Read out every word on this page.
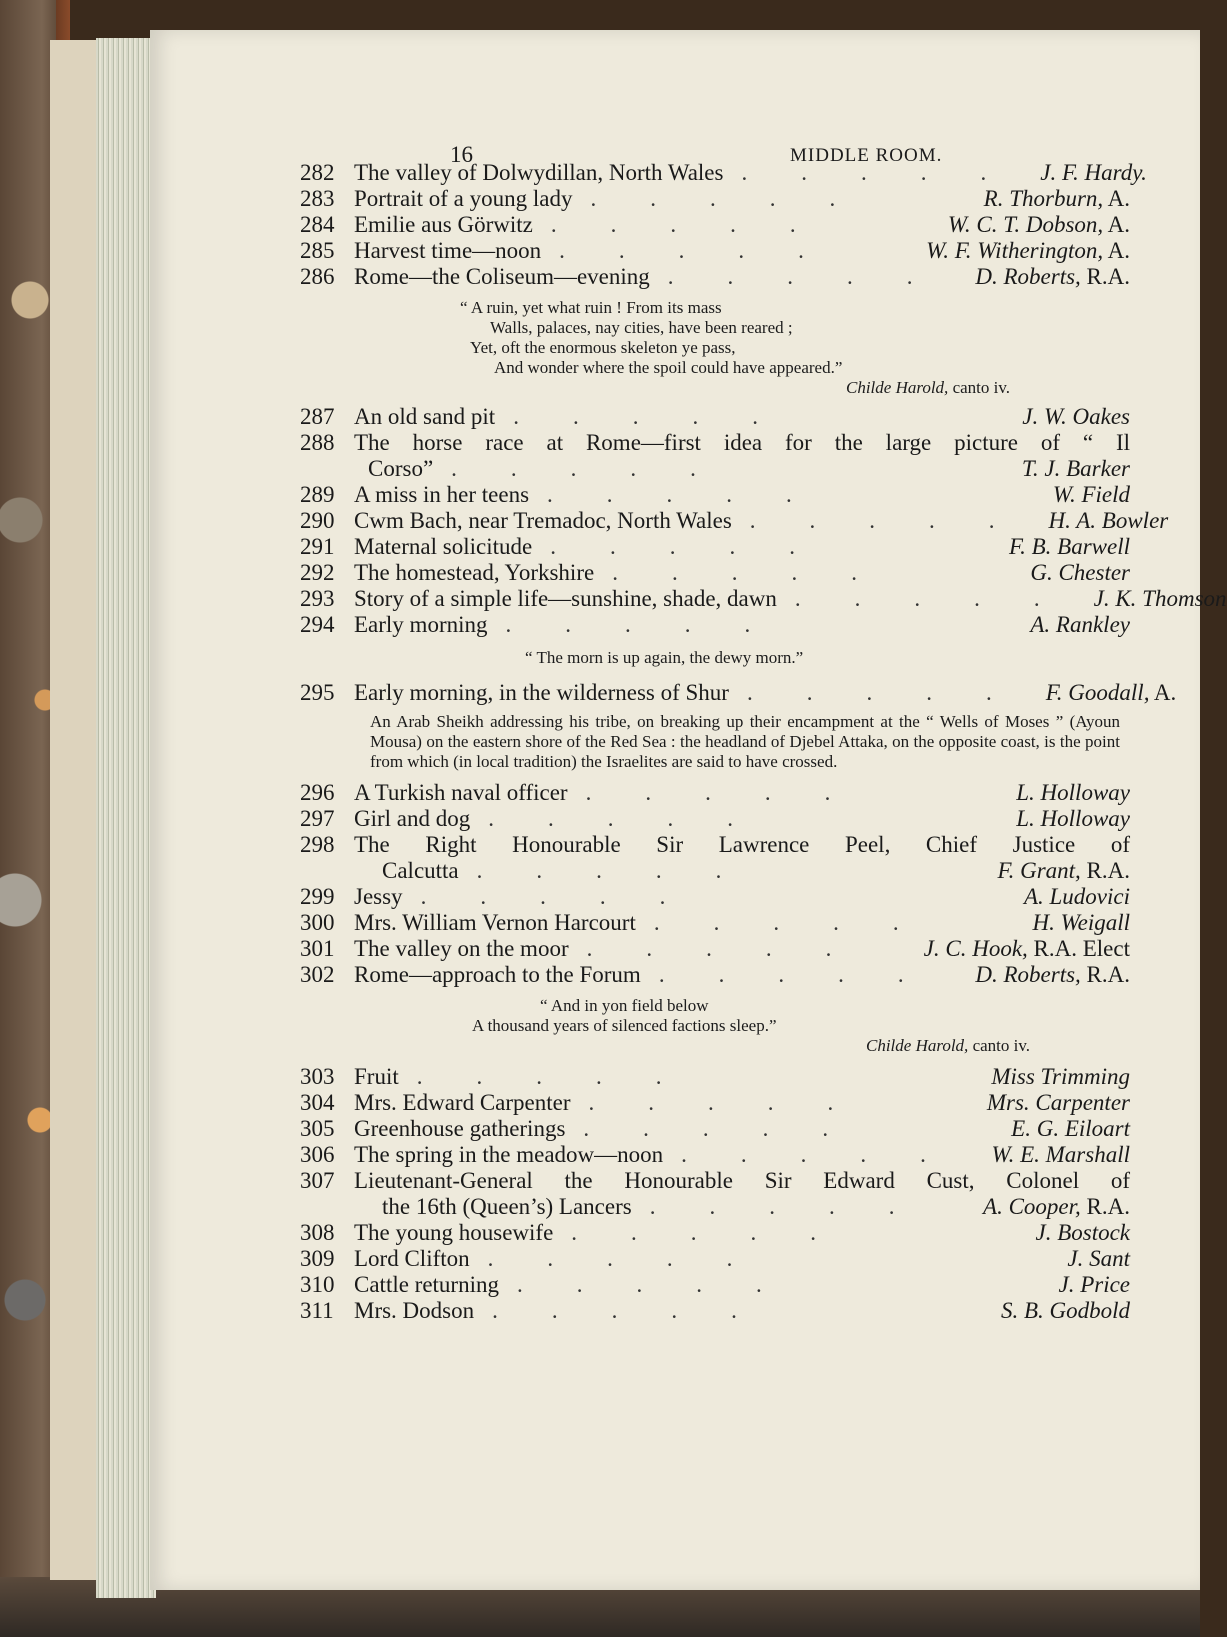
16	MIDDLE ROOM.
282 The valley of Dolwydillan, North Wales ..... J. F. Hardy.
283 Portrait of a young lady .....	R. Thorburn, A.
284 Emilie aus Görwitz .....	W. C. T. Dobson, A.
285 Harvest time—noon .....	W. F. Witherington, A.
286 Rome—the Coliseum—evening ..... D. Roberts, R.A.
“ A ruin, yet what ruin ! From its mass
Walls, palaces, nay cities, have been reared ;
Yet, oft the enormous skeleton ye pass,
And wonder where the spoil could have appeared.”
Childe Harold, canto iv.
287 An old sand pit .....	J. W. Oakes
288 The horse race at Rome—first idea for the large picture of “ Il
Corso” .....	T. J. Barker
289 A miss in her teens .....	W. Field
290 Cwm Bach, near Tremadoc, North Wales ..... H. A. Bowler
291 Maternal solicitude .....	F. B. Barwell
292 The homestead, Yorkshire .....	G. Chester
293 Story of a simple life—sunshine, shade, dawn ..... J. K. Thomson
294 Early morning .....	A. Rankley
“ The morn is up again, the dewy morn.”
295 Early morning, in the wilderness of Shur ..... F. Goodall, A.
An Arab Sheikh addressing his tribe, on breaking up their encampment at the “ Wells of Moses ” (Ayoun Mousa) on the eastern shore of the Red Sea : the headland of Djebel Attaka, on the opposite coast, is the point from which (in local tradition) the Israelites are said to have crossed.
296 A Turkish naval officer .....	L. Holloway
297 Girl and dog .....	L. Holloway
298 The Right Honourable Sir Lawrence Peel, Chief Justice of
Calcutta .....	F. Grant, R.A.
299 Jessy .....	A. Ludovici
300 Mrs. William Vernon Harcourt .....	H. Weigall
301 The valley on the moor .....	J. C. Hook, R.A. Elect
302 Rome—approach to the Forum ..... D. Roberts, R.A.
“ And in yon field below
A thousand years of silenced factions sleep.”
Childe Harold, canto iv.
303 Fruit .....	Miss Trimming
304 Mrs. Edward Carpenter .....	Mrs. Carpenter
305 Greenhouse gatherings .....	E. G. Eiloart
306 The spring in the meadow—noon ..... W. E. Marshall
307 Lieutenant-General the Honourable Sir Edward Cust, Colonel of
the 16th (Queen’s) Lancers .....	A. Cooper, R.A.
308 The young housewife .....	J. Bostock
309 Lord Clifton .....	J. Sant
310 Cattle returning .....	J. Price
311 Mrs. Dodson .....	S. B. Godbold
